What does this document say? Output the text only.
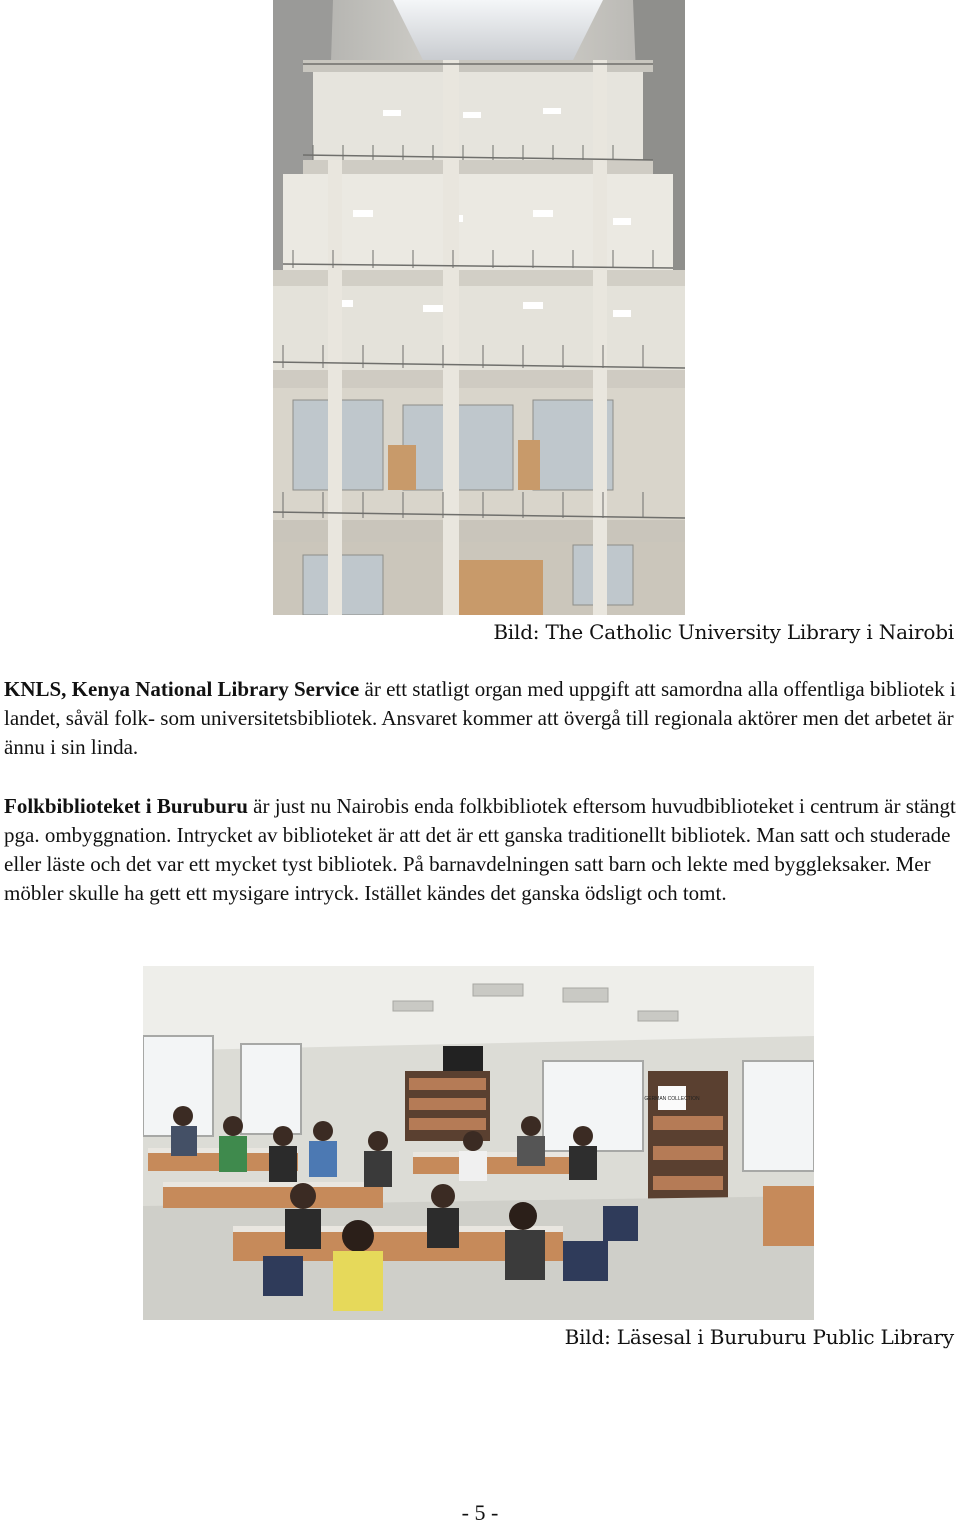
Bild: The Catholic University Library i Nairobi

KNLS, Kenya National Library Service är ett statligt organ med uppgift att samordna alla offentliga bibliotek i landet, såväl folk- som universitetsbibliotek. Ansvaret kommer att övergå till regionala aktörer men det arbetet är ännu i sin linda.

Folkbiblioteket i Buruburu är just nu Nairobis enda folkbibliotek eftersom huvudbiblioteket i centrum är stängt pga. ombyggnation. Intrycket av biblioteket är att det är ett ganska traditionellt bibliotek. Man satt och studerade eller läste och det var ett mycket tyst bibliotek. På barnavdelningen satt barn och lekte med byggleksaker. Mer möbler skulle ha gett ett mysigare intryck. Istället kändes det ganska ödsligt och tomt.

GERMAN COLLECTION
Bild: Läsesal i Buruburu Public Library
- 5 -
